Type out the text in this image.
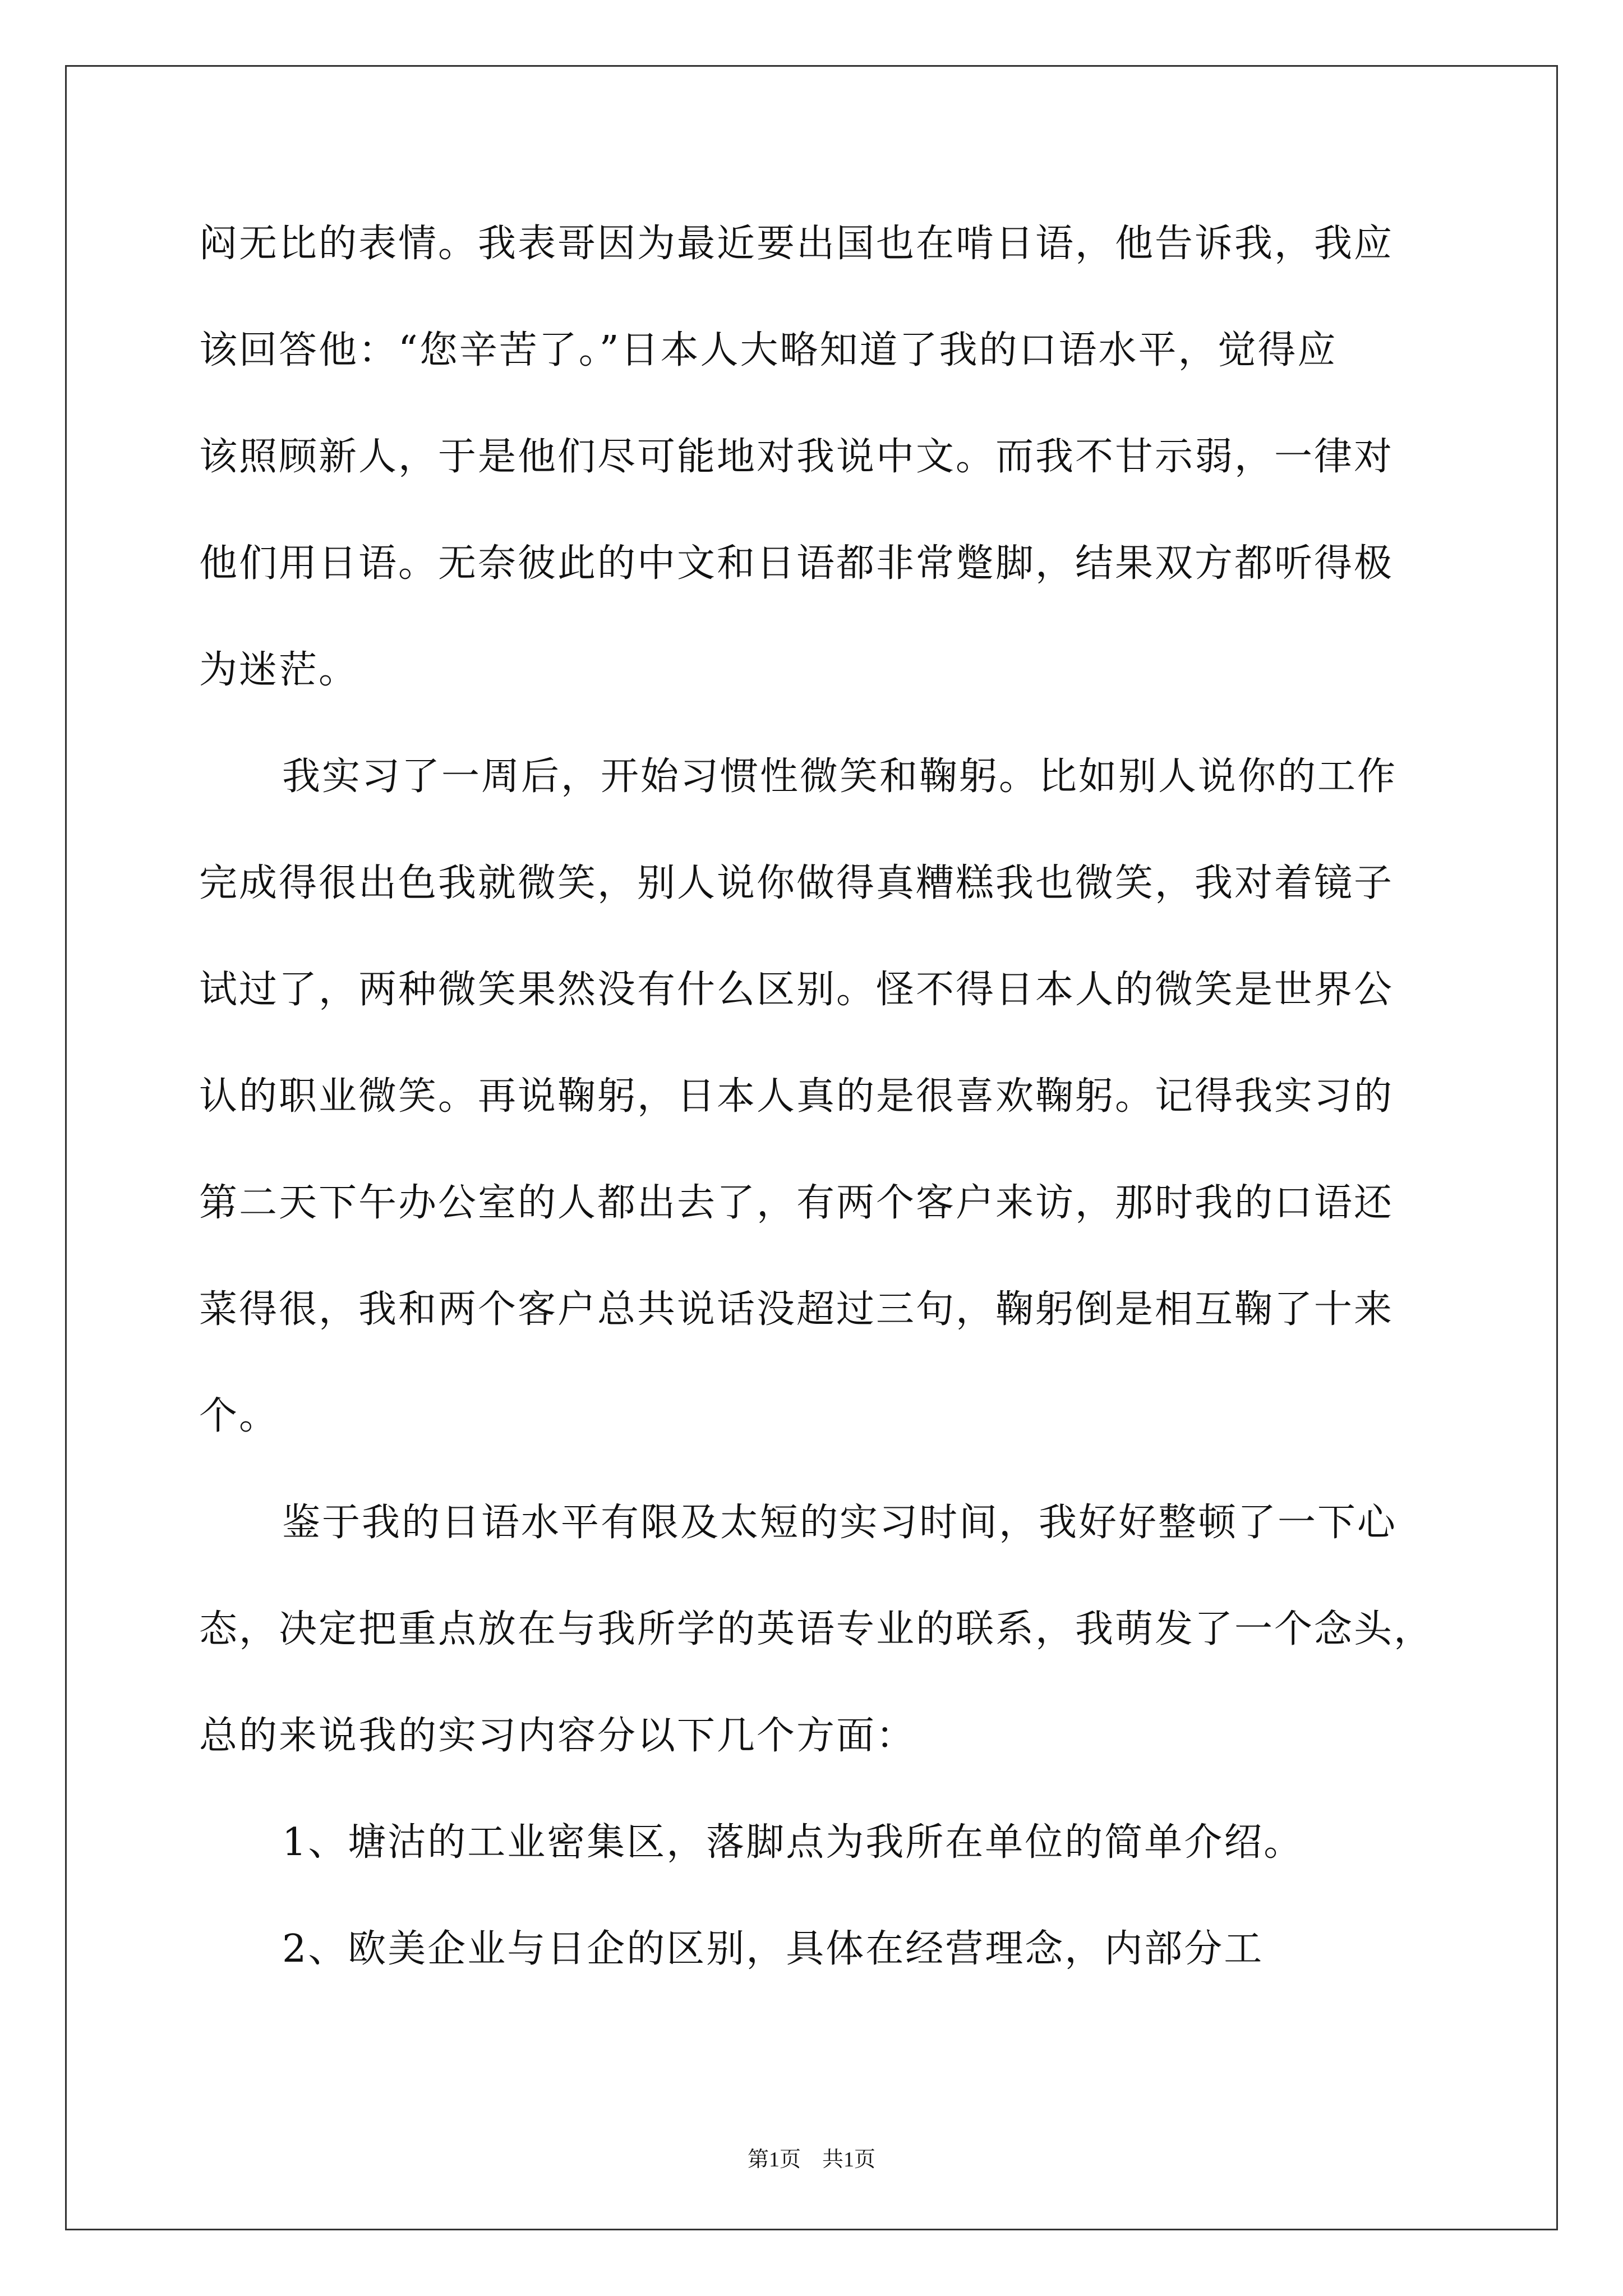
闷无比的表情。我表哥因为最近要出国也在啃日语，他告诉我，我应

该回答他：“您辛苦了。”日本人大略知道了我的口语水平，觉得应

该照顾新人，于是他们尽可能地对我说中文。而我不甘示弱，一律对

他们用日语。无奈彼此的中文和日语都非常蹩脚，结果双方都听得极

为迷茫。

我实习了一周后，开始习惯性微笑和鞠躬。比如别人说你的工作

完成得很出色我就微笑，别人说你做得真糟糕我也微笑，我对着镜子

试过了，两种微笑果然没有什么区别。怪不得日本人的微笑是世界公

认的职业微笑。再说鞠躬，日本人真的是很喜欢鞠躬。记得我实习的

第二天下午办公室的人都出去了，有两个客户来访，那时我的口语还

菜得很，我和两个客户总共说话没超过三句，鞠躬倒是相互鞠了十来

个。

鉴于我的日语水平有限及太短的实习时间，我好好整顿了一下心

态，决定把重点放在与我所学的英语专业的联系，我萌发了一个念头，

总的来说我的实习内容分以下几个方面：

1、塘沽的工业密集区，落脚点为我所在单位的简单介绍。

2、欧美企业与日企的区别，具体在经营理念，内部分工

第1页　共1页
